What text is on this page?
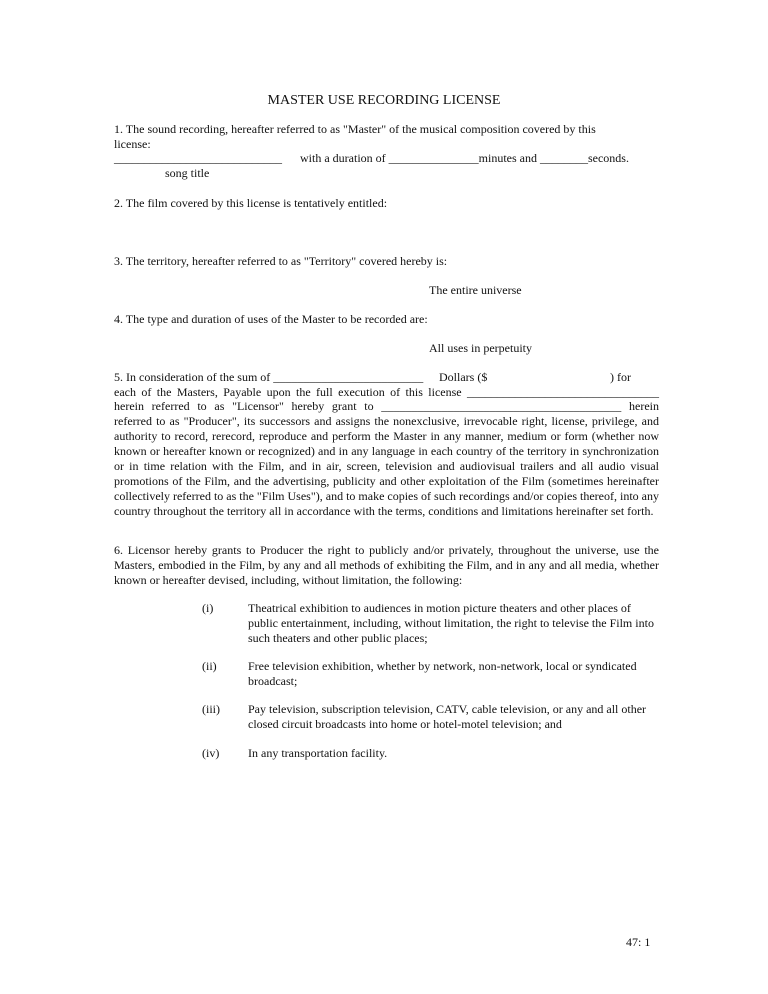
MASTER USE RECORDING LICENSE
1. The sound recording, hereafter referred to as "Master" of the musical composition covered by this
license:
____________________________ with a duration of _______________minutes and ________seconds.
song title
2. The film covered by this license is tentatively entitled:
3. The territory, hereafter referred to as "Territory" covered hereby is:
The entire universe
4. The type and duration of uses of the Master to be recorded are:
All uses in perpetuity
5. In consideration of the sum of _________________________ Dollars ($	) for
each of the Masters, Payable upon the full execution of this license ________________________________
herein referred to as "Licensor" hereby grant to ________________________________________ herein
referred to as "Producer", its successors and assigns the nonexclusive, irrevocable right, license, privilege, and authority to record, rerecord, reproduce and perform the Master in any manner, medium or form (whether now known or hereafter known or recognized) and in any language in each country of the territory in synchronization or in time relation with the Film, and in air, screen, television and audiovisual trailers and all audio visual promotions of the Film, and the advertising, publicity and other exploitation of the Film (sometimes hereinafter collectively referred to as the "Film Uses"), and to make copies of such recordings and/or copies thereof, into any country throughout the territory all in accordance with the terms, conditions and limitations hereinafter set forth.
6. Licensor hereby grants to Producer the right to publicly and/or privately, throughout the universe, use the Masters, embodied in the Film, by any and all methods of exhibiting the Film, and in any and all media, whether known or hereafter devised, including, without limitation, the following:
(i)	Theatrical exhibition to audiences in motion picture theaters and other places of public entertainment, including, without limitation, the right to televise the Film into such theaters and other public places;
(ii)	Free television exhibition, whether by network, non-network, local or syndicated broadcast;
(iii) Pay television, subscription television, CATV, cable television, or any and all other closed circuit broadcasts into home or hotel-motel television; and
(iv) In any transportation facility.
47: 1
